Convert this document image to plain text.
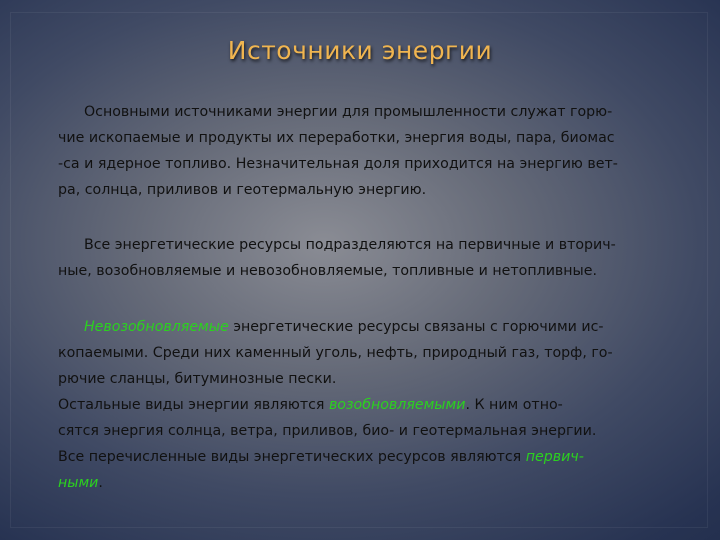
Источники энергии
Основными источниками энергии для промышленности служат горю-
чие ископаемые и продукты их переработки, энергия воды, пара, биомас
-са и ядерное топливо. Незначительная доля приходится на энергию вет-
ра, солнца, приливов и геотермальную энергию.
Все энергетические ресурсы подразделяются на первичные и вторич-
ные, возобновляемые и невозобновляемые, топливные и нетопливные.
Невозобновляемые энергетические ресурсы связаны с горючими ис-
копаемыми. Среди них каменный уголь, нефть, природный газ, торф, го-
рючие сланцы, битуминозные пески.
Остальные виды энергии являются возобновляемыми. К ним отно-
сятся энергия солнца, ветра, приливов, био- и геотермальная энергии.
Все перечисленные виды энергетических ресурсов являются первич-
ными.
